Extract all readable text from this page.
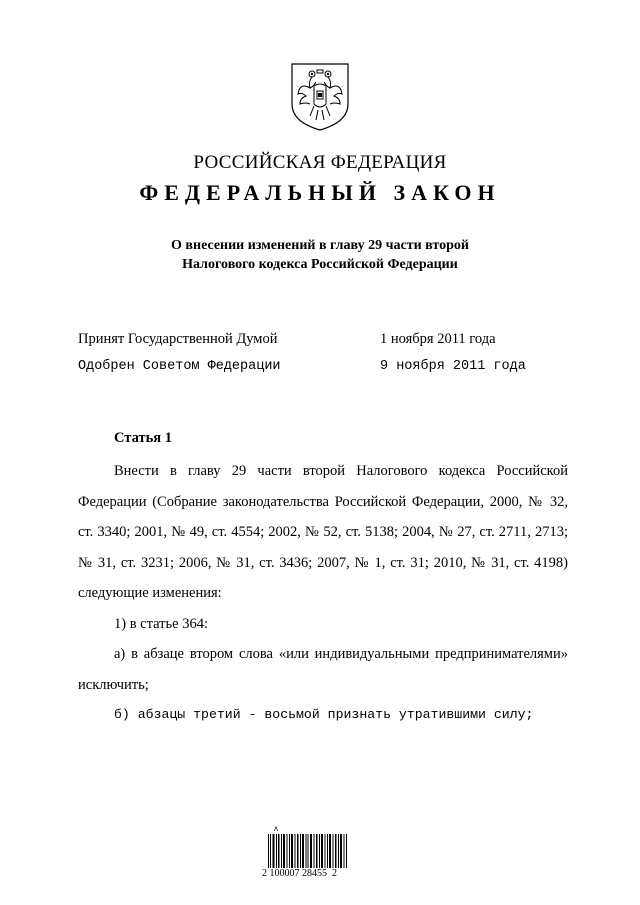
РОССИЙСКАЯ ФЕДЕРАЦИЯ
ФЕДЕРАЛЬНЫЙ ЗАКОН
О внесении изменений в главу 29 части второй
Налогового кодекса Российской Федерации
Принят Государственной Думой	1 ноября 2011 года
Одобрен Советом Федерации	9 ноября 2011 года
Статья 1

Внести в главу 29 части второй Налогового кодекса Российской Федерации (Собрание законодательства Российской Федерации, 2000, № 32, ст. 3340; 2001, № 49, ст. 4554; 2002, № 52, ст. 5138; 2004, № 27, ст. 2711, 2713; № 31, ст. 3231; 2006, № 31, ст. 3436; 2007, № 1, ст. 31; 2010, № 31, ст. 4198) следующие изменения:

1) в статье 364:

а) в абзаце втором слова «или индивидуальными предпринимателями» исключить;

б) абзацы третий - восьмой признать утратившими силу;

ʌ
2 100007 28455  2
